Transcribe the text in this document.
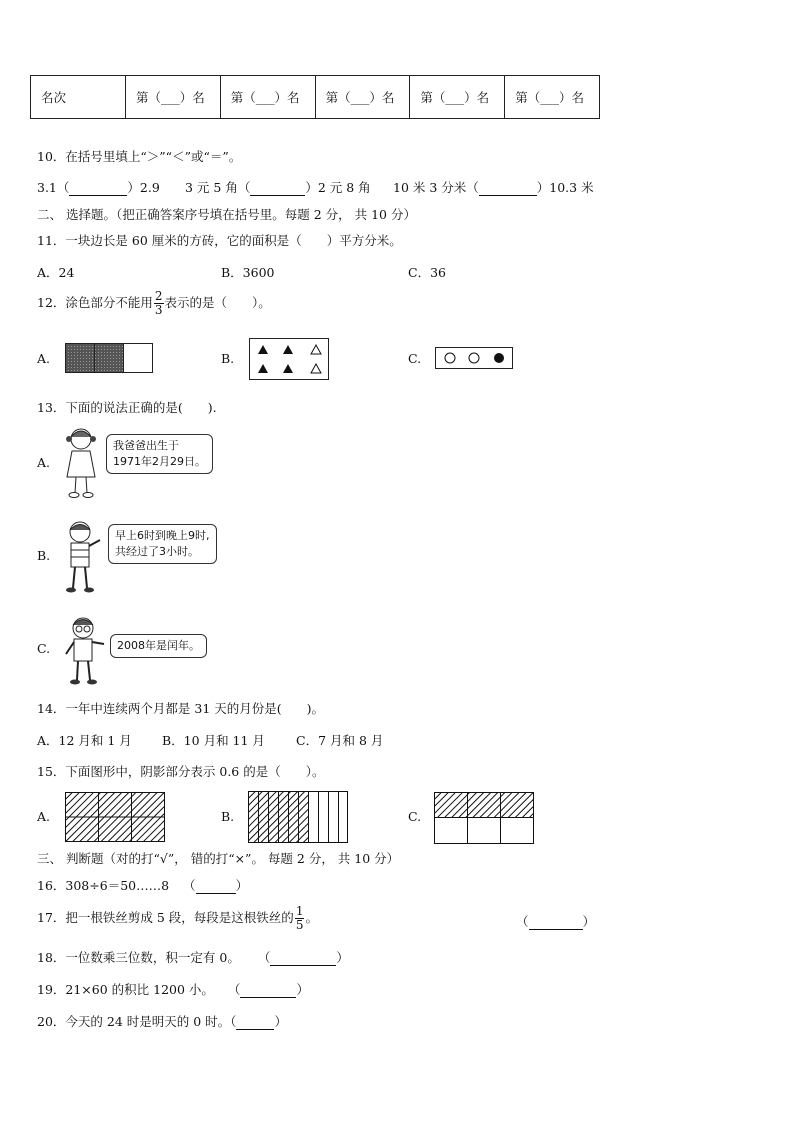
名次	第（___）名	第（___）名	第（___）名	第（___）名	第（___）名
10．在括号里填上“＞”“＜”或“＝”。
3.1（	）2.9 3 元 5 角（	）2 元 8 角 10 米 3 分米（	）10.3 米
二、 选择题。（把正确答案序号填在括号里。每题 2 分， 共 10 分）
11．一块边长是 60 厘米的方砖，它的面积是（　　）平方分米。
A．24	B．3600	C．36
12．涂色部分不能用 $\frac{2}{3}$ 表示的是（　　）。
A.	B.	C.
13．下面的说法正确的是(　　).
A.
我爸爸出生于
1971年2月29日。
B.
早上6时到晚上9时,
共经过了3小时。
C.	2008年是闰年。
14．一年中连续两个月都是 31 天的月份是(　　)。
A．12 月和 1 月 B．10 月和 11 月 C．7 月和 8 月
15．下面图形中，阴影部分表示 0.6 的是（　　）。
A.	B.	C.
三、 判断题（对的打“√”， 错的打“×”。 每题 2 分， 共 10 分）
16．308÷6＝50……8 （	）
17．把一根铁丝剪成 5 段，每段是这根铁丝的 $\frac{1}{5}$ 。	（	）
18．一位数乘三位数，积一定有 0。 （	）
19．21×60 的积比 1200 小。 （	）
20．今天的 24 时是明天的 0 时。（	）
